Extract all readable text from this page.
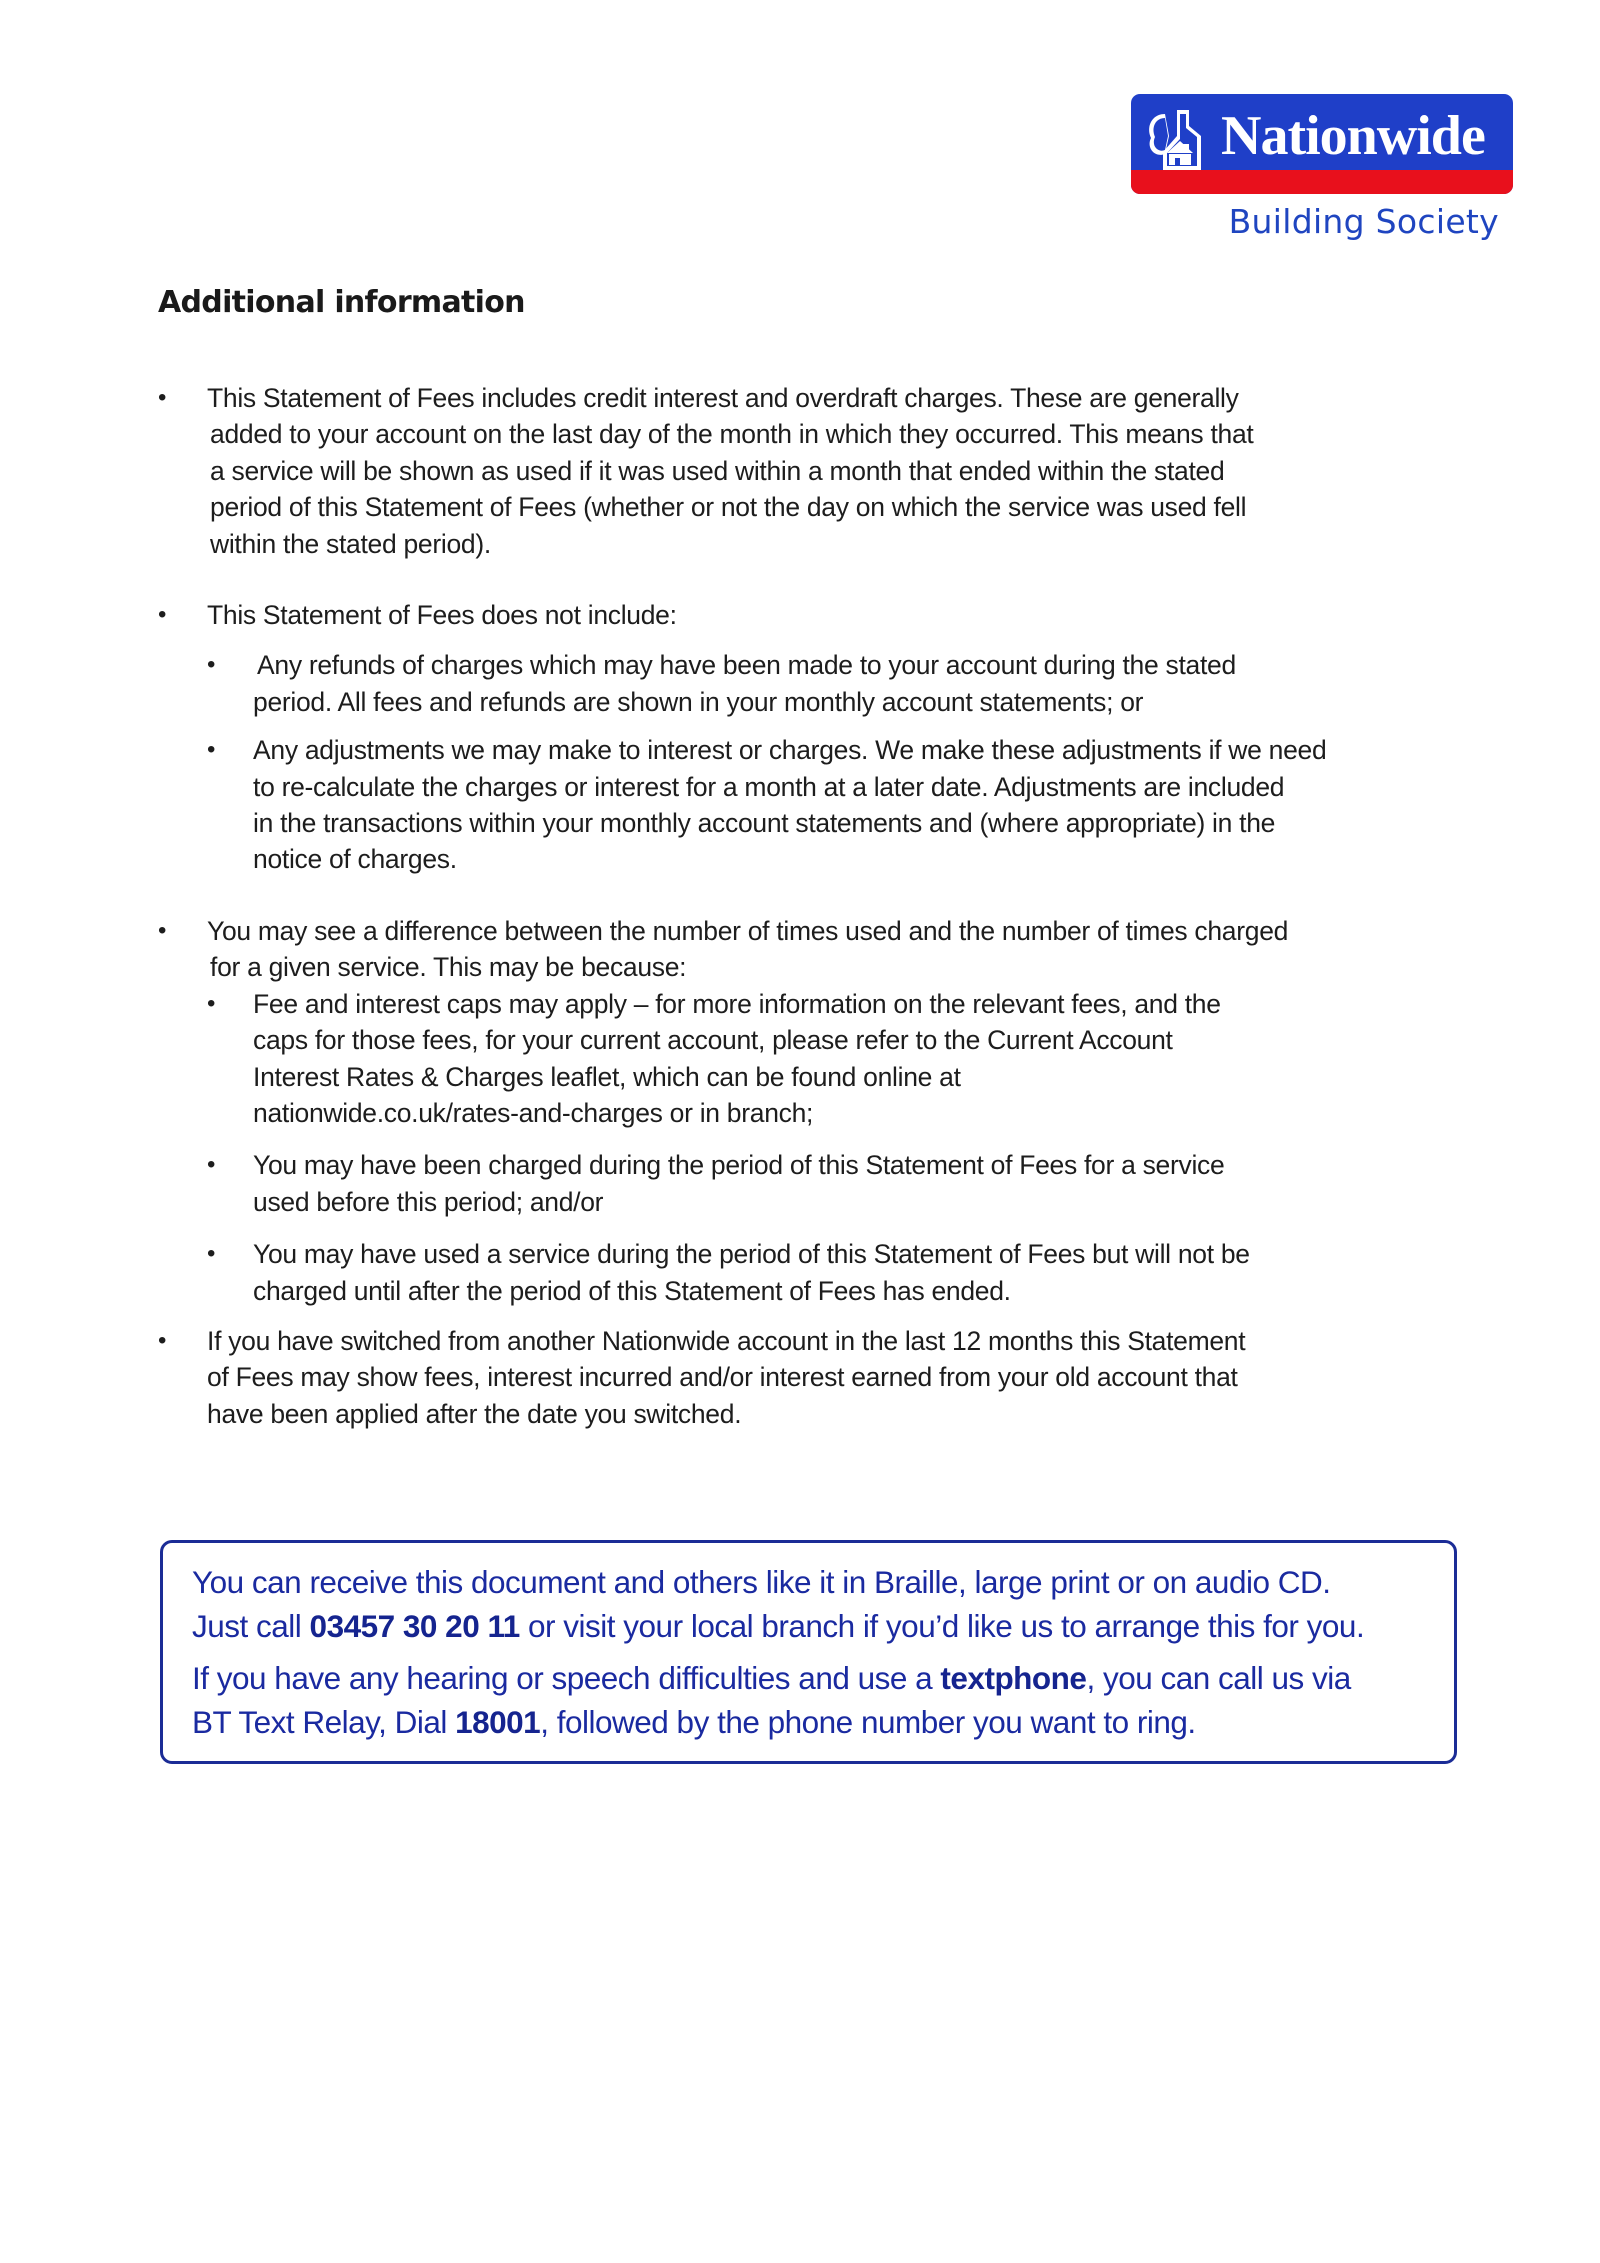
Nationwide
Building Society
Additional information
• This Statement of Fees includes credit interest and overdraft charges. These are generally
added to your account on the last day of the month in which they occurred. This means that
a service will be shown as used if it was used within a month that ended within the stated
period of this Statement of Fees (whether or not the day on which the service was used fell
within the stated period).
• This Statement of Fees does not include:
• Any refunds of charges which may have been made to your account during the stated
period. All fees and refunds are shown in your monthly account statements; or
• Any adjustments we may make to interest or charges. We make these adjustments if we need
to re-calculate the charges or interest for a month at a later date. Adjustments are included
in the transactions within your monthly account statements and (where appropriate) in the
notice of charges.
• You may see a difference between the number of times used and the number of times charged
for a given service. This may be because:
• Fee and interest caps may apply – for more information on the relevant fees, and the
caps for those fees, for your current account, please refer to the Current Account
Interest Rates & Charges leaflet, which can be found online at
nationwide.co.uk/rates-and-charges or in branch;
• You may have been charged during the period of this Statement of Fees for a service
used before this period; and/or
• You may have used a service during the period of this Statement of Fees but will not be
charged until after the period of this Statement of Fees has ended.
• If you have switched from another Nationwide account in the last 12 months this Statement
of Fees may show fees, interest incurred and/or interest earned from your old account that
have been applied after the date you switched.
You can receive this document and others like it in Braille, large print or on audio CD.
Just call 03457 30 20 11 or visit your local branch if you’d like us to arrange this for you.
If you have any hearing or speech difficulties and use a textphone, you can call us via
BT Text Relay, Dial 18001, followed by the phone number you want to ring.
